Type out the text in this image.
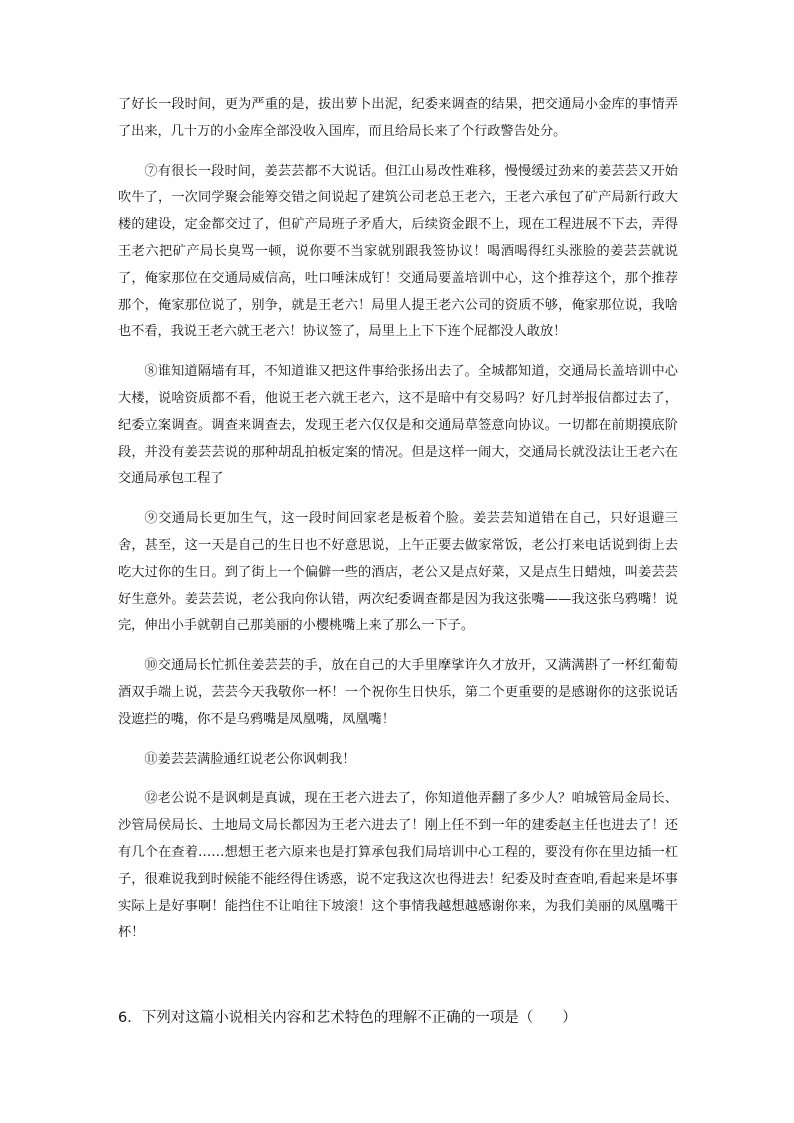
了好长一段时间，更为严重的是，拔出萝卜出泥，纪委来调查的结果，把交通局小金库的事情弄了出来，几十万的小金库全部没收入国库，而且给局长来了个行政警告处分。

⑦有很长一段时间，姜芸芸都不大说话。但江山易改性难移，慢慢缓过劲来的姜芸芸又开始吹牛了，一次同学聚会能筹交错之间说起了建筑公司老总王老六，王老六承包了矿产局新行政大楼的建设，定金都交过了，但矿产局班子矛盾大，后续资金跟不上，现在工程进展不下去，弄得王老六把矿产局长臭骂一顿，说你要不当家就别跟我签协议！喝酒喝得红头涨脸的姜芸芸就说了，俺家那位在交通局威信高，吐口唾沫成钉！交通局要盖培训中心，这个推荐这个，那个推荐那个，俺家那位说了，别争，就是王老六！局里人提王老六公司的资质不够，俺家那位说，我啥也不看，我说王老六就王老六！协议签了，局里上上下下连个屁都没人敢放！

⑧谁知道隔墙有耳，不知道谁又把这件事给张扬出去了。全城都知道，交通局长盖培训中心大楼，说啥资质都不看，他说王老六就王老六，这不是暗中有交易吗？好几封举报信都过去了，纪委立案调查。调查来调查去，发现王老六仅仅是和交通局草签意向协议。一切都在前期摸底阶段，并没有姜芸芸说的那种胡乱拍板定案的情况。但是这样一闹大，交通局长就没法让王老六在交通局承包工程了

⑨交通局长更加生气，这一段时间回家老是板着个脸。姜芸芸知道错在自己，只好退避三舍，甚至，这一天是自己的生日也不好意思说，上午正要去做家常饭，老公打来电话说到街上去吃大过你的生日。到了街上一个偏僻一些的酒店，老公又是点好菜，又是点生日蜡烛，叫姜芸芸好生意外。姜芸芸说，老公我向你认错，两次纪委调查都是因为我这张嘴——我这张乌鸦嘴！说完，伸出小手就朝自己那美丽的小樱桃嘴上来了那么一下子。

⑩交通局长忙抓住姜芸芸的手，放在自己的大手里摩挲许久才放开，又满满斟了一杯红葡萄酒双手端上说，芸芸今天我敬你一杯！一个祝你生日快乐，第二个更重要的是感谢你的这张说话没遮拦的嘴，你不是乌鸦嘴是凤凰嘴，凤凰嘴！

⑪姜芸芸满脸通红说老公你讽刺我！

⑫老公说不是讽刺是真诚，现在王老六进去了，你知道他弄翻了多少人？咱城管局金局长、沙管局侯局长、土地局文局长都因为王老六进去了！刚上任不到一年的建委赵主任也进去了！还有几个在查着……想想王老六原来也是打算承包我们局培训中心工程的，要没有你在里边插一杠子，很难说我到时候能不能经得住诱惑，说不定我这次也得进去！纪委及时查查咱,看起来是坏事实际上是好事啊！能挡住不让咱往下坡滚！这个事情我越想越感谢你来，为我们美丽的凤凰嘴干杯！

6．下列对这篇小说相关内容和艺术特色的理解不正确的一项是（　　）
